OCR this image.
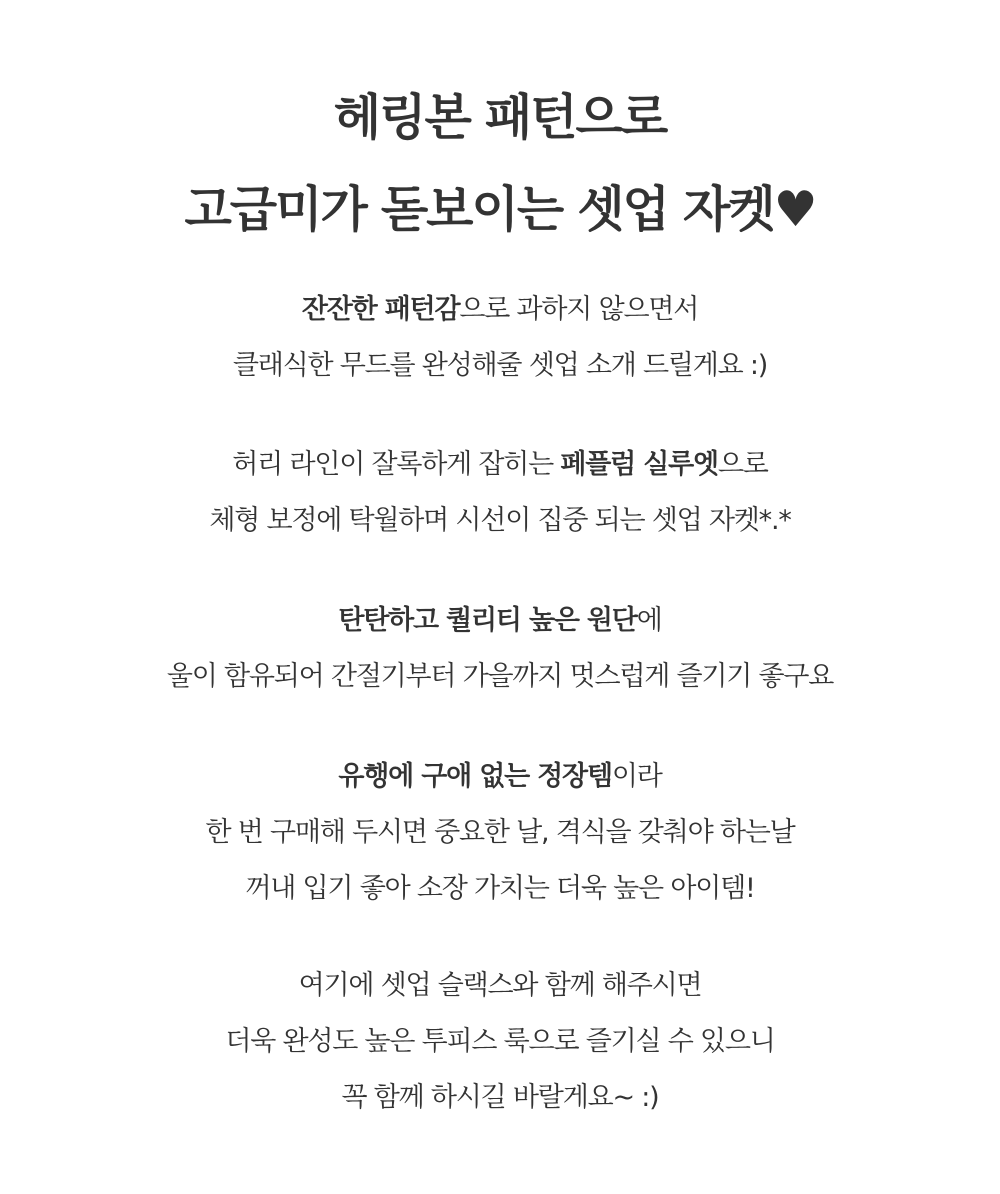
헤링본 패턴으로
고급미가 돋보이는 셋업 자켓♥

잔잔한 패턴감으로 과하지 않으면서
클래식한 무드를 완성해줄 셋업 소개 드릴게요 :)

허리 라인이 잘록하게 잡히는 페플럼 실루엣으로
체형 보정에 탁월하며 시선이 집중 되는 셋업 자켓*.*

탄탄하고 퀄리티 높은 원단에
울이 함유되어 간절기부터 가을까지 멋스럽게 즐기기 좋구요

유행에 구애 없는 정장템이라
한 번 구매해 두시면 중요한 날, 격식을 갖춰야 하는날
꺼내 입기 좋아 소장 가치는 더욱 높은 아이템!

여기에 셋업 슬랙스와 함께 해주시면
더욱 완성도 높은 투피스 룩으로 즐기실 수 있으니
꼭 함께 하시길 바랄게요~ :)
